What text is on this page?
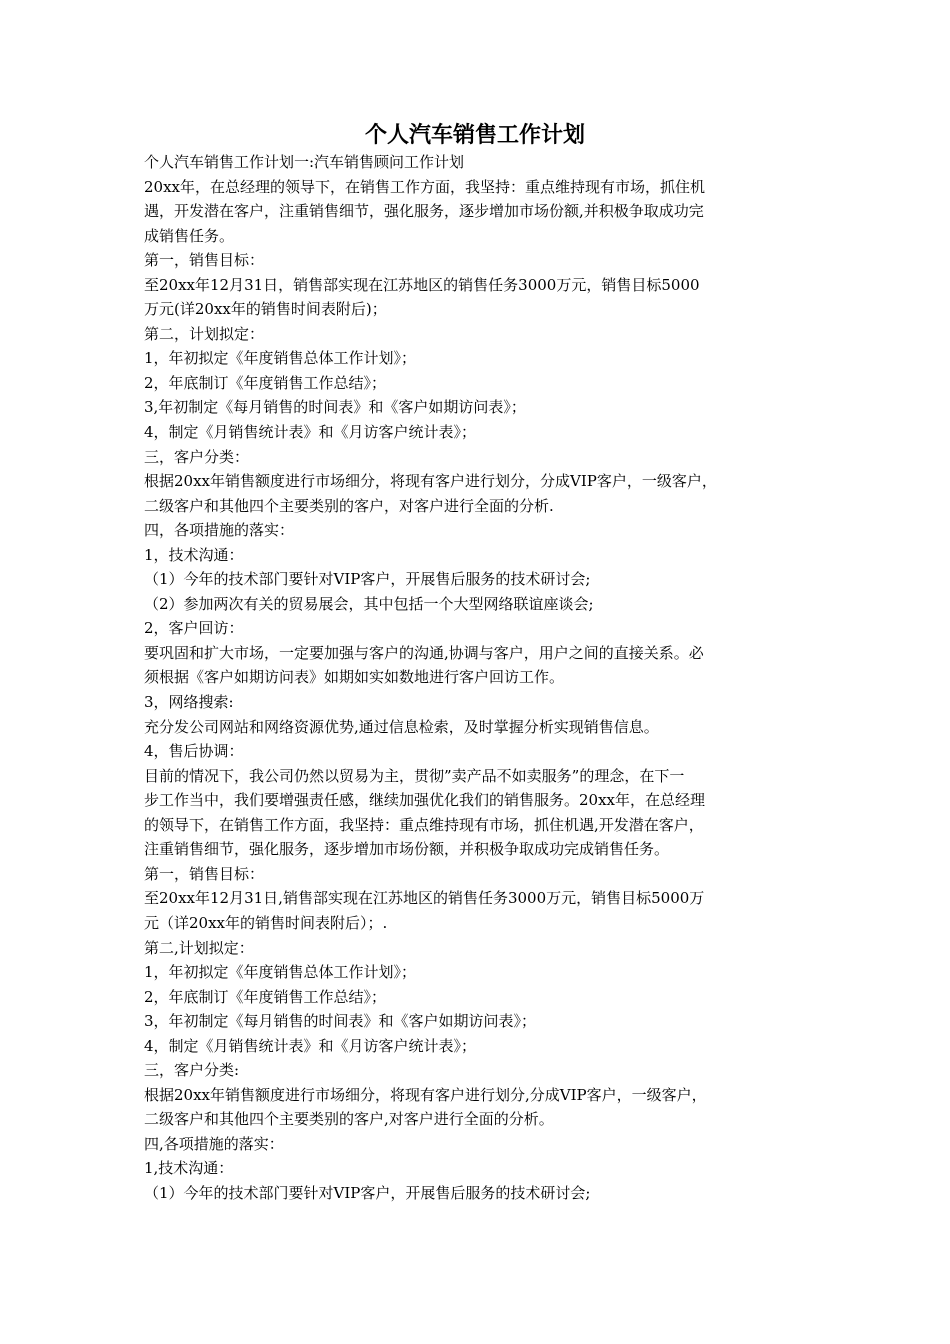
个人汽车销售工作计划

个人汽车销售工作计划一:汽车销售顾问工作计划

20xx年，在总经理的领导下，在销售工作方面，我坚持：重点维持现有市场，抓住机

遇，开发潜在客户，注重销售细节，强化服务，逐步增加市场份额,并积极争取成功完

成销售任务。

第一，销售目标：

至20xx年12月31日，销售部实现在江苏地区的销售任务3000万元，销售目标5000

万元(详20xx年的销售时间表附后)；

第二，计划拟定：

1，年初拟定《年度销售总体工作计划》；

2，年底制订《年度销售工作总结》；

3,年初制定《每月销售的时间表》和《客户如期访问表》；

4，制定《月销售统计表》和《月访客户统计表》；

三，客户分类：

根据20xx年销售额度进行市场细分，将现有客户进行划分，分成VIP客户，一级客户，

二级客户和其他四个主要类别的客户，对客户进行全面的分析.

四，各项措施的落实：

1，技术沟通：

（1）今年的技术部门要针对VIP客户，开展售后服务的技术研讨会;

（2）参加两次有关的贸易展会，其中包括一个大型网络联谊座谈会;

2，客户回访：

要巩固和扩大市场，一定要加强与客户的沟通,协调与客户，用户之间的直接关系。必

须根据《客户如期访问表》如期如实如数地进行客户回访工作。

3，网络搜索:

充分发公司网站和网络资源优势,通过信息检索，及时掌握分析实现销售信息。

4，售后协调：

目前的情况下，我公司仍然以贸易为主，贯彻”卖产品不如卖服务”的理念，在下一

步工作当中，我们要增强责任感，继续加强优化我们的销售服务。20xx年，在总经理

的领导下，在销售工作方面，我坚持：重点维持现有市场，抓住机遇,开发潜在客户，

注重销售细节，强化服务，逐步增加市场份额，并积极争取成功完成销售任务。

第一，销售目标：

至20xx年12月31日,销售部实现在江苏地区的销售任务3000万元，销售目标5000万

元（详20xx年的销售时间表附后）；.

第二,计划拟定：

1，年初拟定《年度销售总体工作计划》；

2，年底制订《年度销售工作总结》；

3，年初制定《每月销售的时间表》和《客户如期访问表》；

4，制定《月销售统计表》和《月访客户统计表》；

三，客户分类:

根据20xx年销售额度进行市场细分，将现有客户进行划分,分成VIP客户，一级客户，

二级客户和其他四个主要类别的客户,对客户进行全面的分析。

四,各项措施的落实：

1,技术沟通：

（1）今年的技术部门要针对VIP客户，开展售后服务的技术研讨会;
